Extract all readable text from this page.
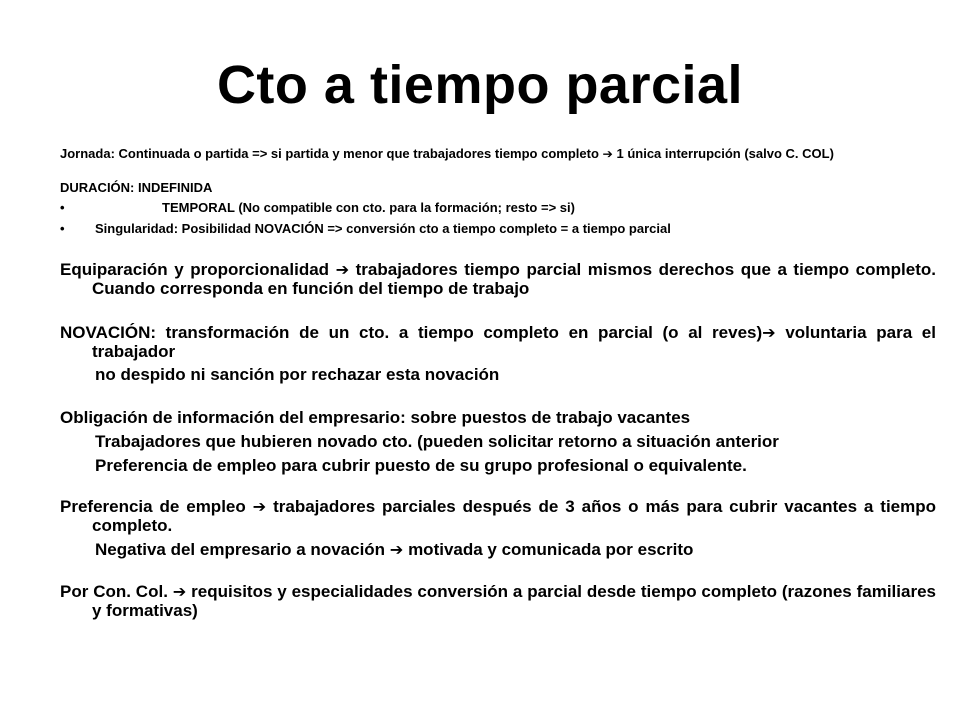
Cto a tiempo parcial
Jornada: Continuada o partida => si partida y menor que trabajadores tiempo completo ➔ 1 única interrupción (salvo C. COL)
DURACIÓN: INDEFINIDA
•	TEMPORAL (No compatible con cto. para la formación; resto => si)
• Singularidad: Posibilidad NOVACIÓN => conversión cto a tiempo completo = a tiempo parcial
Equiparación y proporcionalidad ➔ trabajadores tiempo parcial mismos derechos que a tiempo completo. Cuando corresponda en función del tiempo de trabajo
NOVACIÓN: transformación de un cto. a tiempo completo en parcial (o al reves)➔ voluntaria para el trabajador
no despido ni sanción por rechazar esta novación
Obligación de información del empresario: sobre puestos de trabajo vacantes
Trabajadores que hubieren novado cto. (pueden solicitar retorno a situación anterior
Preferencia de empleo para cubrir puesto de su grupo profesional o equivalente.
Preferencia de empleo ➔ trabajadores parciales después de 3 años o más para cubrir vacantes a tiempo completo.
Negativa del empresario a novación ➔ motivada y comunicada por escrito
Por Con. Col. ➔ requisitos y especialidades conversión a parcial desde tiempo completo (razones familiares y formativas)
